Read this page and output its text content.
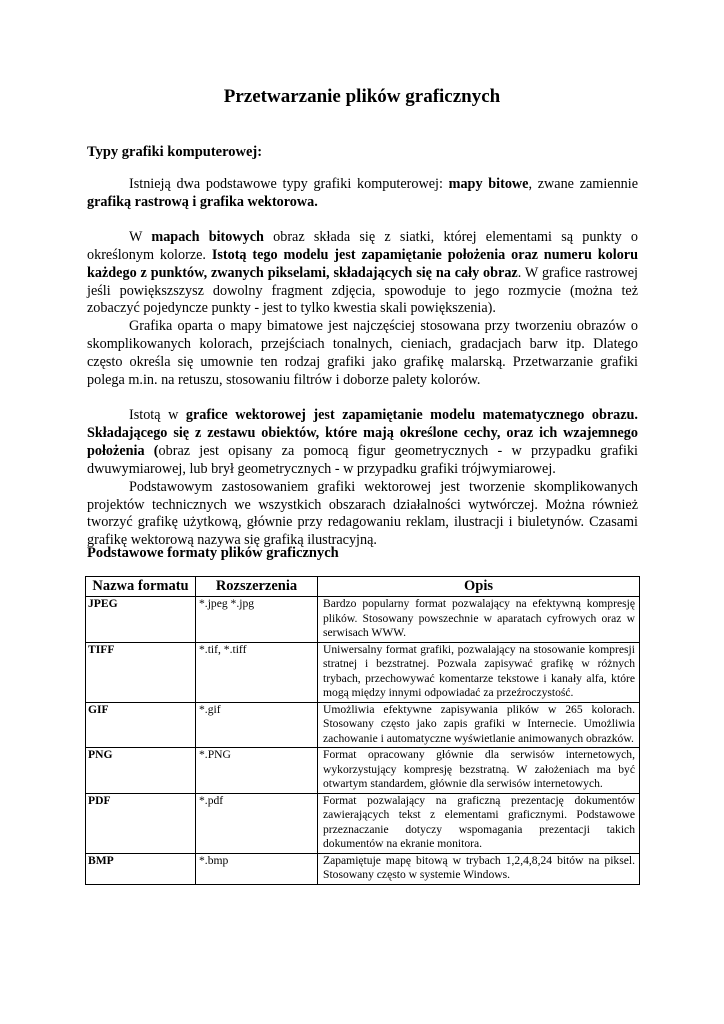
Przetwarzanie plików graficznych
Typy grafiki komputerowej:

Istnieją dwa podstawowe typy grafiki komputerowej: mapy bitowe, zwane zamiennie grafiką rastrową i grafika wektorowa.

W mapach bitowych obraz składa się z siatki, której elementami są punkty o określonym kolorze. Istotą tego modelu jest zapamiętanie położenia oraz numeru koloru każdego z punktów, zwanych pikselami, składających się na cały obraz. W grafice rastrowej jeśli powiększszysz dowolny fragment zdjęcia, spowoduje to jego rozmycie (można też zobaczyć pojedyncze punkty - jest to tylko kwestia skali powiększenia).

Grafika oparta o mapy bimatowe jest najczęściej stosowana przy tworzeniu obrazów o skomplikowanych kolorach, przejściach tonalnych, cieniach, gradacjach barw itp. Dlatego często określa się umownie ten rodzaj grafiki jako grafikę malarską. Przetwarzanie grafiki polega m.in. na retuszu, stosowaniu filtrów i doborze palety kolorów.

Istotą w grafice wektorowej jest zapamiętanie modelu matematycznego obrazu. Składającego się z zestawu obiektów, które mają określone cechy, oraz ich wzajemnego położenia (obraz jest opisany za pomocą figur geometrycznych - w przypadku grafiki dwuwymiarowej, lub brył geometrycznych - w przypadku grafiki trójwymiarowej.

Podstawowym zastosowaniem grafiki wektorowej jest tworzenie skomplikowanych projektów technicznych we wszystkich obszarach działalności wytwórczej. Można również tworzyć grafikę użytkową, głównie przy redagowaniu reklam, ilustracji i biuletynów. Czasami grafikę wektorową nazywa się grafiką ilustracyjną.

Podstawowe formaty plików graficznych
Nazwa formatu	Rozszerzenia	Opis
JPEG	*.jpeg *.jpg	Bardzo popularny format pozwalający na efektywną kompresję plików. Stosowany powszechnie w aparatach cyfrowych oraz w serwisach WWW.
TIFF	*.tif, *.tiff	Uniwersalny format grafiki, pozwalający na stosowanie kompresji stratnej i bezstratnej. Pozwala zapisywać grafikę w różnych trybach, przechowywać komentarze tekstowe i kanały alfa, które mogą między innymi odpowiadać za przeźroczystość.
GIF	*.gif	Umożliwia efektywne zapisywania plików w 265 kolorach. Stosowany często jako zapis grafiki w Internecie. Umożliwia zachowanie i automatyczne wyświetlanie animowanych obrazków.
PNG	*.PNG	Format opracowany głównie dla serwisów internetowych, wykorzystujący kompresję bezstratną. W założeniach ma być otwartym standardem, głównie dla serwisów internetowych.
PDF	*.pdf	Format pozwalający na graficzną prezentację dokumentów zawierających tekst z elementami graficznymi. Podstawowe przeznaczanie dotyczy wspomagania prezentacji takich dokumentów na ekranie monitora.
BMP	*.bmp	Zapamiętuje mapę bitową w trybach 1,2,4,8,24 bitów na piksel. Stosowany często w systemie Windows.
